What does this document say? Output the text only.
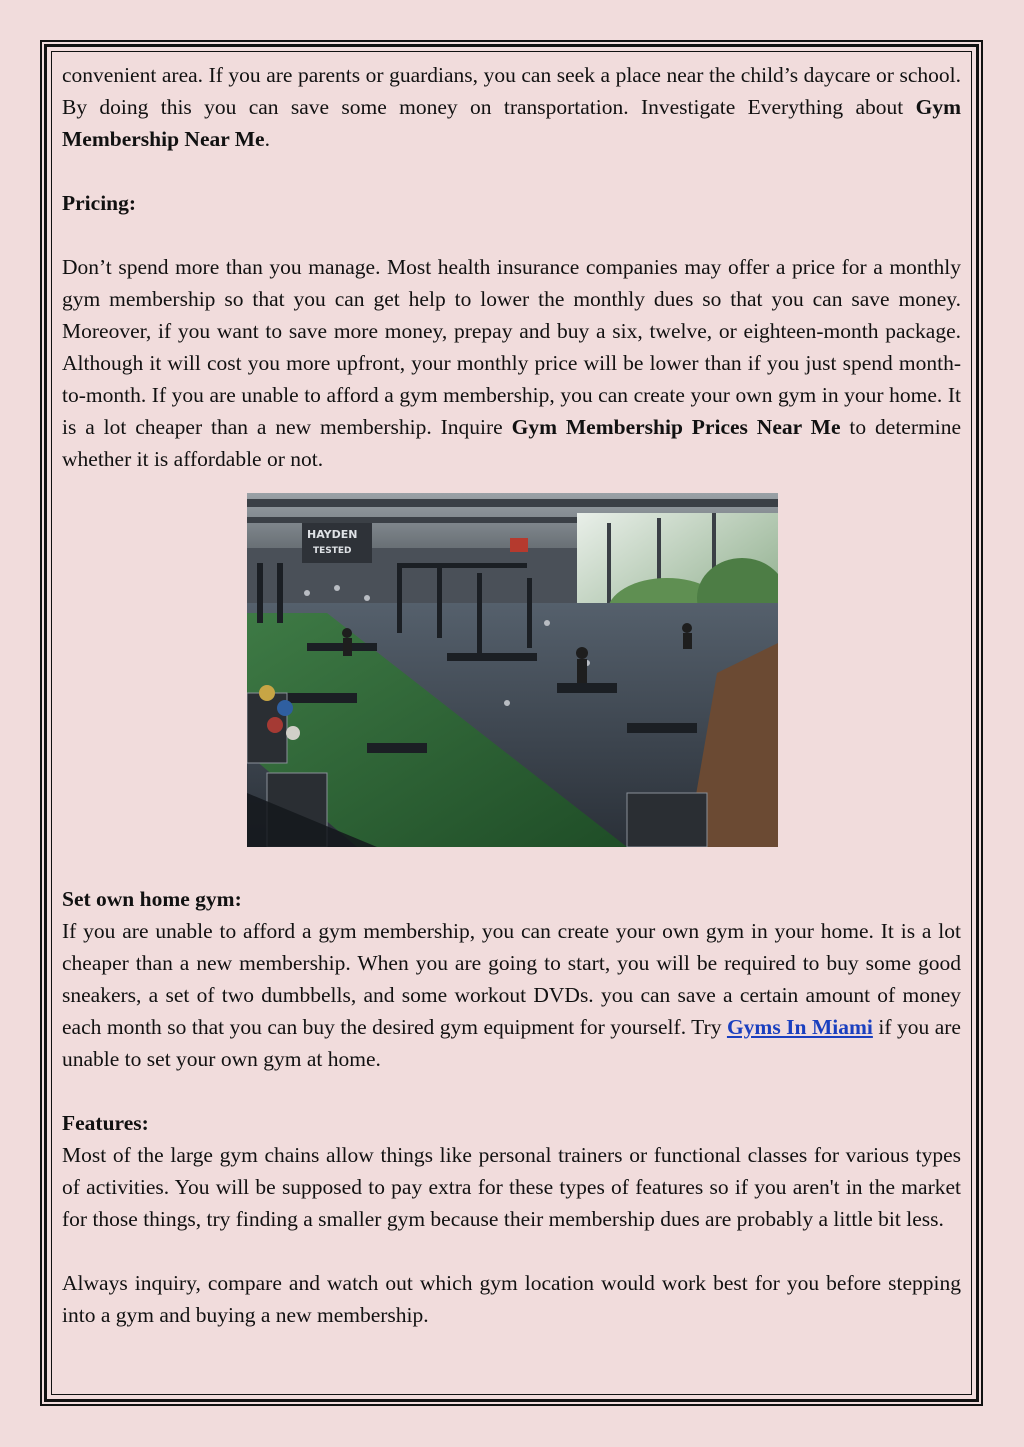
convenient area. If you are parents or guardians, you can seek a place near the child’s daycare or school. By doing this you can save some money on transportation. Investigate Everything about Gym Membership Near Me.

Pricing:

Don’t spend more than you manage. Most health insurance companies may offer a price for a monthly gym membership so that you can get help to lower the monthly dues so that you can save money. Moreover, if you want to save more money, prepay and buy a six, twelve, or eighteen-month package. Although it will cost you more upfront, your monthly price will be lower than if you just spend month-to-month. If you are unable to afford a gym membership, you can create your own gym in your home. It is a lot cheaper than a new membership. Inquire Gym Membership Prices Near Me to determine whether it is affordable or not.

HAYDEN
TESTED

Set own home gym:

If you are unable to afford a gym membership, you can create your own gym in your home. It is a lot cheaper than a new membership. When you are going to start, you will be required to buy some good sneakers, a set of two dumbbells, and some workout DVDs. you can save a certain amount of money each month so that you can buy the desired gym equipment for yourself. Try Gyms In Miami if you are unable to set your own gym at home.

Features:

Most of the large gym chains allow things like personal trainers or functional classes for various types of activities. You will be supposed to pay extra for these types of features so if you aren't in the market for those things, try finding a smaller gym because their membership dues are probably a little bit less.

Always inquiry, compare and watch out which gym location would work best for you before stepping into a gym and buying a new membership.
